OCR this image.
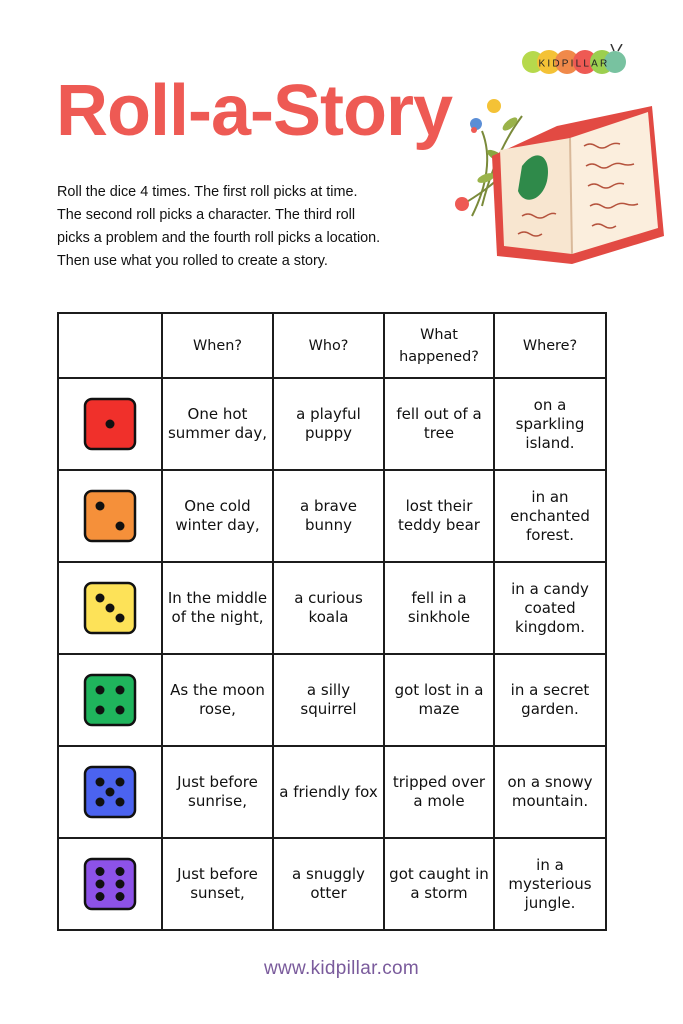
KIDPILLAR
Roll-a-Story
Roll the dice 4 times. The first roll picks at time.
The second roll picks a character. The third roll
picks a problem and the fourth roll picks a location.
Then use what you rolled to create a story.
	When?	Who?	What happened?	Where?

	One hot summer day,	a playful puppy	fell out of a tree	on a sparkling island.

	One cold winter day,	a brave bunny	lost their teddy bear	in an enchanted forest.

	In the middle of the night,	a curious koala	fell in a sinkhole	in a candy coated kingdom.

	As the moon rose,	a silly squirrel	got lost in a maze	in a secret garden.

	Just before sunrise,	a friendly fox	tripped over a mole	on a snowy mountain.

	Just before sunset,	a snuggly otter	got caught in a storm	in a mysterious jungle.
www.kidpillar.com
